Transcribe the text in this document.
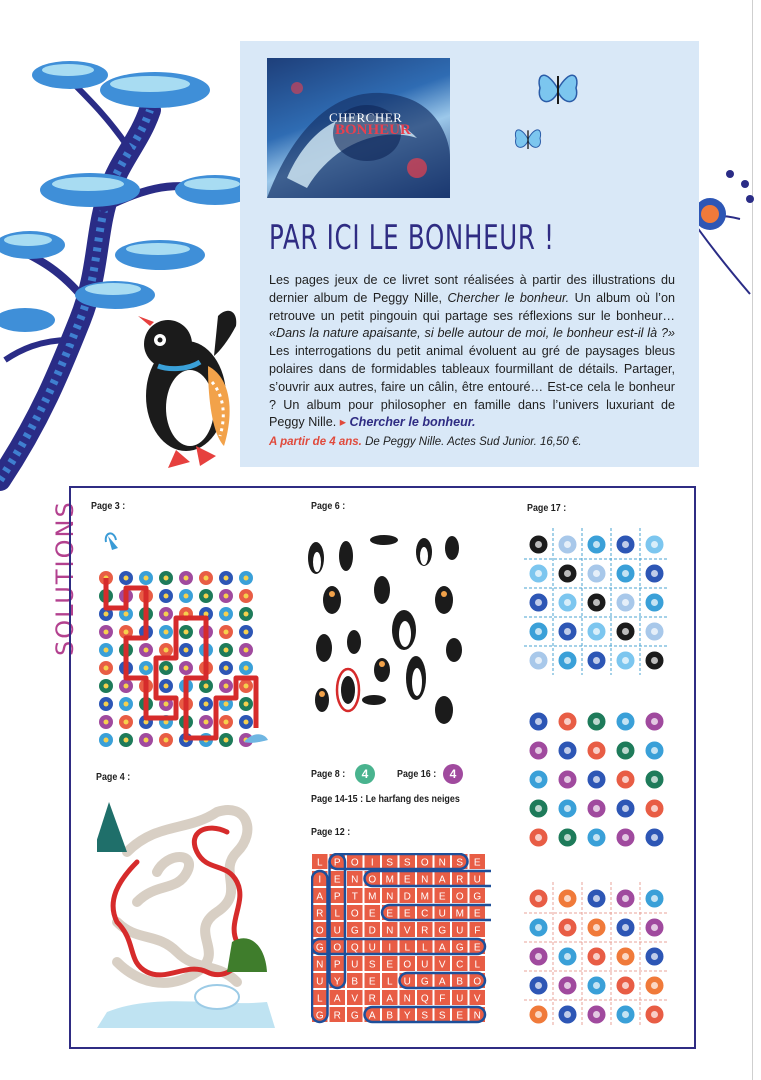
CHERCHER
BONHEUR
PAR ICI LE BONHEUR !

Les pages jeux de ce livret sont réalisées à partir des illustrations du dernier album de Peggy Nille, Chercher le bonheur. Un album où l’on retrouve un petit pingouin qui partage ses réflexions sur le bonheur… «Dans la nature apaisante, si belle autour de moi, le bonheur est-il là ?» Les interrogations du petit animal évoluent au gré de paysages bleus polaires dans de formidables tableaux fourmillant de détails. Partager, s’ouvrir aux autres, faire un câlin, être entouré… Est-ce cela le bonheur ? Un album pour philosopher en famille dans l’univers luxuriant de Peggy Nille. ▸ Chercher le bonheur.

A partir de 4 ans. De Peggy Nille. Actes Sud Junior. 16,50 €.
SOLUTIONS Page 3 :
Page 4 :
Page 6 :
Page 8 :	4	Page 16 :	4
Page 14-15 : Le harfang des neiges
Page 12 :
L P O I S S O N S E
I E N O M E N A R U
A P T M N D M E O G
R L O E E E C U M E
O U G D N V R G U F
G O Q U I L L A G E
N P U S E O U V C L
U Y B E L U G A B O
L A V R A N Q F U V
G R G A B Y S S E N
Page 17 :
